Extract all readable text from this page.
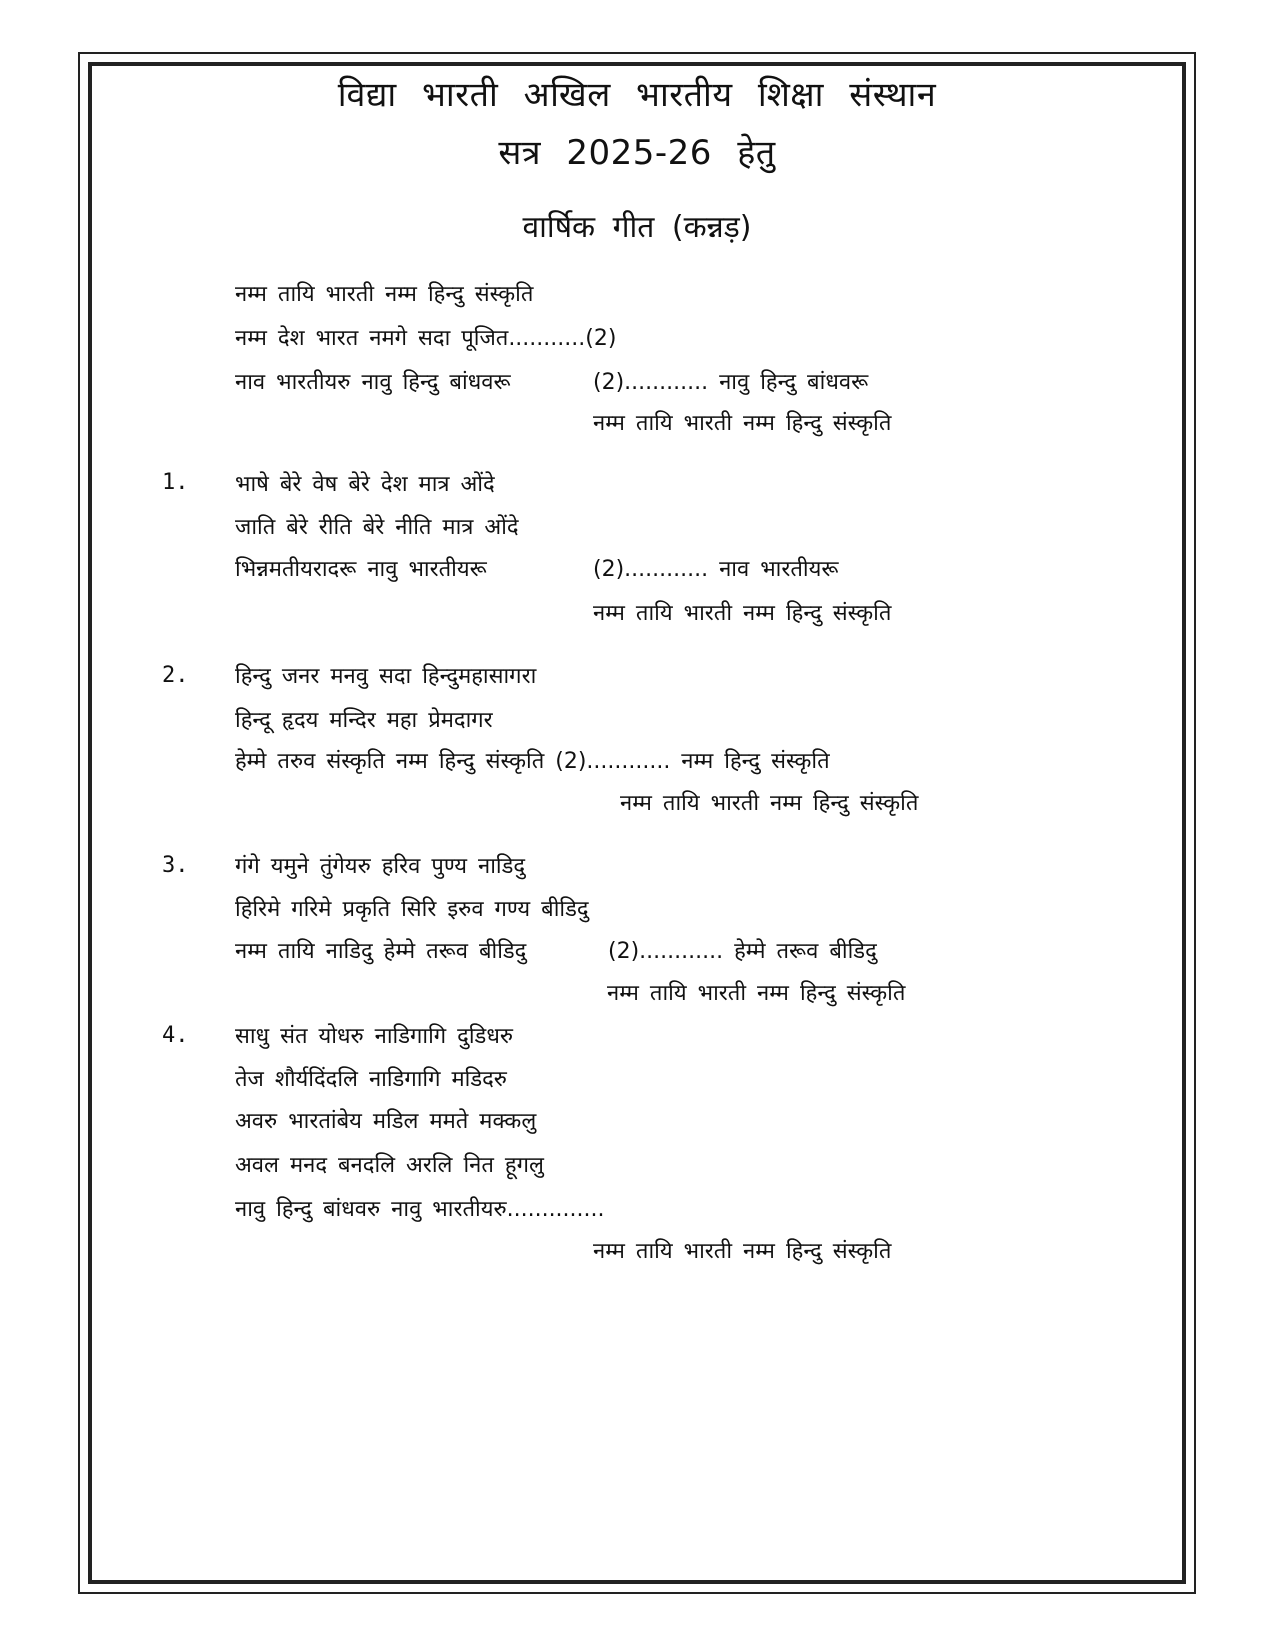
विद्या भारती अखिल भारतीय शिक्षा संस्थान
सत्र 2025-26 हेतु
वार्षिक गीत (कन्नड़)
नम्म तायि भारती नम्म हिन्दु संस्कृति
नम्म देश भारत नमगे सदा पूजित...........(2)
नाव भारतीयरु नावु हिन्दु बांधवरू	(2)............ नावु हिन्दु बांधवरू
नम्म तायि भारती नम्म हिन्दु संस्कृति
1. भाषे बेरे वेष बेरे देश मात्र ओंदे
जाति बेरे रीति बेरे नीति मात्र ओंदे
भिन्नमतीयरादरू नावु भारतीयरू	(2)............ नाव भारतीयरू
नम्म तायि भारती नम्म हिन्दु संस्कृति
2. हिन्दु जनर मनवु सदा हिन्दुमहासागरा
हिन्दू हृदय मन्दिर महा प्रेमदागर
हेम्मे तरुव संस्कृति नम्म हिन्दु संस्कृति (2)............ नम्म हिन्दु संस्कृति
नम्म तायि भारती नम्म हिन्दु संस्कृति
3. गंगे यमुने तुंगेयरु हरिव पुण्य नाडिदु
हिरिमे गरिमे प्रकृति सिरि इरुव गण्य बीडिदु
नम्म तायि नाडिदु हेम्मे तरूव बीडिदु	(2)............ हेम्मे तरूव बीडिदु
नम्म तायि भारती नम्म हिन्दु संस्कृति
4. साधु संत योधरु नाडिगागि दुडिधरु
तेज शौर्यदिंदलि नाडिगागि मडिदरु
अवरु भारतांबेय मडिल ममते मक्कलु
अवल मनद बनदलि अरलि नित हूगलु
नावु हिन्दु बांधवरु नावु भारतीयरु..............
नम्म तायि भारती नम्म हिन्दु संस्कृति
